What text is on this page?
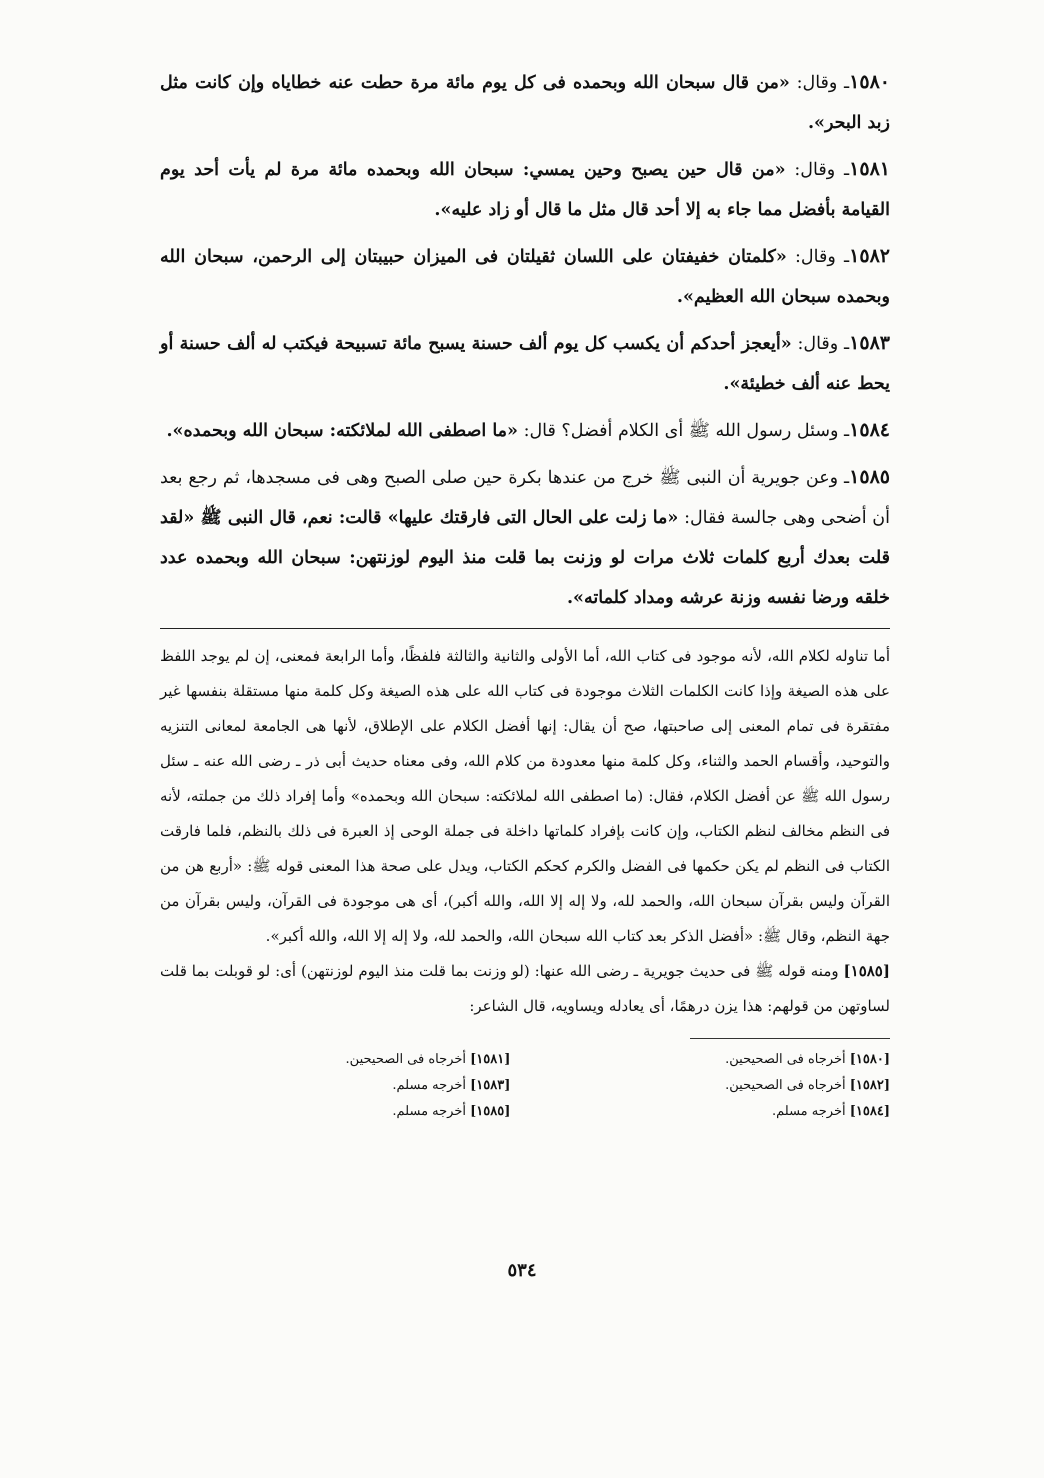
١٥٨٠ـ وقال: «من قال سبحان الله وبحمده فى كل يوم مائة مرة حطت عنه خطاياه وإن كانت مثل زبد البحر».

١٥٨١ـ وقال: «من قال حين يصبح وحين يمسي: سبحان الله وبحمده مائة مرة لم يأت أحد يوم القيامة بأفضل مما جاء به إلا أحد قال مثل ما قال أو زاد عليه».

١٥٨٢ـ وقال: «كلمتان خفيفتان على اللسان ثقيلتان فى الميزان حبيبتان إلى الرحمن، سبحان الله وبحمده سبحان الله العظيم».

١٥٨٣ـ وقال: «أيعجز أحدكم أن يكسب كل يوم ألف حسنة يسبح مائة تسبيحة فيكتب له ألف حسنة أو يحط عنه ألف خطيئة».

١٥٨٤ـ وسئل رسول الله ﷺ أى الكلام أفضل؟ قال: «ما اصطفى الله لملائكته: سبحان الله وبحمده».

١٥٨٥ـ وعن جويرية أن النبى ﷺ خرج من عندها بكرة حين صلى الصبح وهى فى مسجدها، ثم رجع بعد أن أضحى وهى جالسة فقال: «ما زلت على الحال التى فارقتك عليها» قالت: نعم، قال النبى ﷺ «لقد قلت بعدك أربع كلمات ثلاث مرات لو وزنت بما قلت منذ اليوم لوزنتهن: سبحان الله وبحمده عدد خلقه ورضا نفسه وزنة عرشه ومداد كلماته».

أما تناوله لكلام الله، لأنه موجود فى كتاب الله، أما الأولى والثانية والثالثة فلفظًا، وأما الرابعة فمعنى، إن لم يوجد اللفظ على هذه الصيغة وإذا كانت الكلمات الثلاث موجودة فى كتاب الله على هذه الصيغة وكل كلمة منها مستقلة بنفسها غير مفتقرة فى تمام المعنى إلى صاحبتها، صح أن يقال: إنها أفضل الكلام على الإطلاق، لأنها هى الجامعة لمعانى التنزيه والتوحيد، وأقسام الحمد والثناء، وكل كلمة منها معدودة من كلام الله، وفى معناه حديث أبى ذر ـ رضى الله عنه ـ سئل رسول الله ﷺ عن أفضل الكلام، فقال: (ما اصطفى الله لملائكته: سبحان الله وبحمده» وأما إفراد ذلك من جملته، لأنه فى النظم مخالف لنظم الكتاب، وإن كانت بإفراد كلماتها داخلة فى جملة الوحى إذ العبرة فى ذلك بالنظم، فلما فارقت الكتاب فى النظم لم يكن حكمها فى الفضل والكرم كحكم الكتاب، ويدل على صحة هذا المعنى قوله ﷺ: «أربع هن من القرآن وليس بقرآن سبحان الله، والحمد لله، ولا إله إلا الله، والله أكبر)، أى هى موجودة فى القرآن، وليس بقرآن من جهة النظم، وقال ﷺ: «أفضل الذكر بعد كتاب الله سبحان الله، والحمد لله، ولا إله إلا الله، والله أكبر».

[١٥٨٥] ومنه قوله ﷺ فى حديث جويرية ـ رضى الله عنها: (لو وزنت بما قلت منذ اليوم لوزنتهن) أى: لو قوبلت بما قلت لساوتهن من قولهم: هذا يزن درهمًا، أى يعادله ويساويه، قال الشاعر:

[١٥٨٠] أخرجاه فى الصحيحين.
[١٥٨٢] أخرجاه فى الصحيحين.
[١٥٨٤] أخرجه مسلم.
[١٥٨١] أخرجاه فى الصحيحين.
[١٥٨٣] أخرجه مسلم.
[١٥٨٥] أخرجه مسلم.
٥٣٤
